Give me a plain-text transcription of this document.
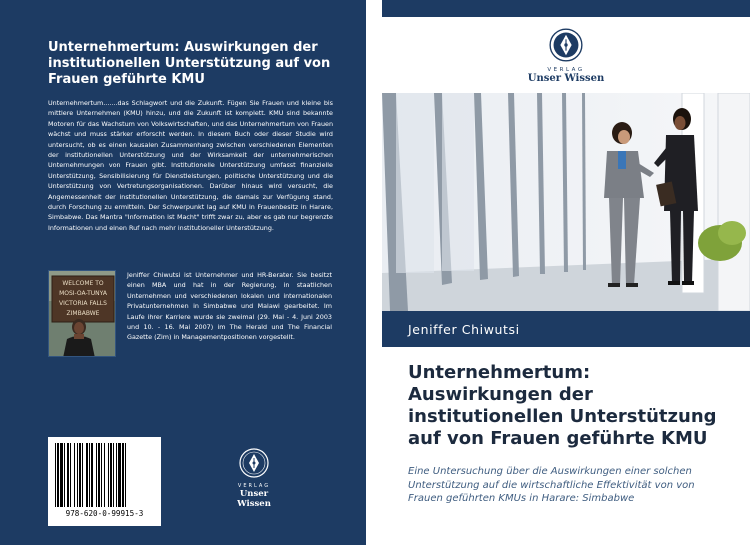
Unternehmertum: Auswirkungen der institutionellen Unterstützung auf von Frauen geführte KMU
Unternehmertum.......das Schlagwort und die Zukunft. Fügen Sie Frauen und kleine bis mittlere Unternehmen (KMU) hinzu, und die Zukunft ist komplett. KMU sind bekannte Motoren für das Wachstum von Volkswirtschaften, und das Unternehmertum von Frauen wächst und muss stärker erforscht werden. In diesem Buch oder dieser Studie wird untersucht, ob es einen kausalen Zusammenhang zwischen verschiedenen Elementen der institutionellen Unterstützung und der Wirksamkeit der unternehmerischen Unternehmungen von Frauen gibt. Institutionelle Unterstützung umfasst finanzielle Unterstützung, Sensibilisierung für Dienstleistungen, politische Unterstützung und die Unterstützung von Vertretungsorganisationen. Darüber hinaus wird versucht, die Angemessenheit der institutionellen Unterstützung, die damals zur Verfügung stand, durch Forschung zu ermitteln. Der Schwerpunkt lag auf KMU in Frauenbesitz in Harare, Simbabwe. Das Mantra "Information ist Macht" trifft zwar zu, aber es gab nur begrenzte Informationen und einen Ruf nach mehr institutioneller Unterstützung.
WELCOME TO
MOSI-OA-TUNYA
VICTORIA FALLS
ZIMBABWE
Jeniffer Chiwutsi ist Unternehmer und HR-Berater. Sie besitzt einen MBA und hat in der Regierung, in staatlichen Unternehmen und verschiedenen lokalen und internationalen Privatunternehmen in Simbabwe und Malawi gearbeitet. Im Laufe ihrer Karriere wurde sie zweimal (29. Mai - 4. Juni 2003 und 10. - 16. Mai 2007) im The Herald und The Financial Gazette (Zim) in Managementpositionen vorgestellt.
978-620-0-99915-3
VERLAG
Unser Wissen
VERLAG
Unser Wissen
Jeniffer Chiwutsi
Unternehmertum: Auswirkungen der institutionellen Unterstützung auf von Frauen geführte KMU
Eine Untersuchung über die Auswirkungen einer solchen Unterstützung auf die wirtschaftliche Effektivität von von Frauen geführten KMUs in Harare: Simbabwe
